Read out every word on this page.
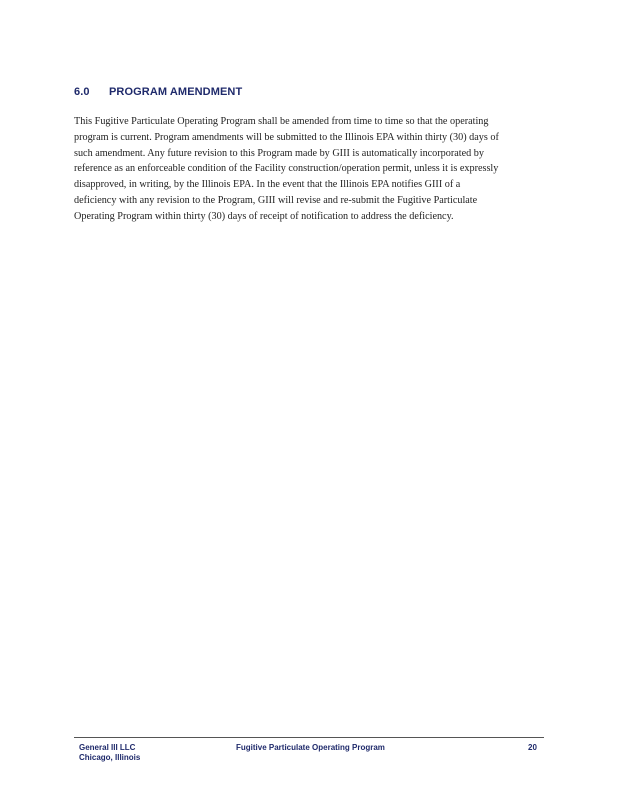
6.0 PROGRAM AMENDMENT

This Fugitive Particulate Operating Program shall be amended from time to time so that the operating
program is current. Program amendments will be submitted to the Illinois EPA within thirty (30) days of
such amendment. Any future revision to this Program made by GIII is automatically incorporated by
reference as an enforceable condition of the Facility construction/operation permit, unless it is expressly
disapproved, in writing, by the Illinois EPA. In the event that the Illinois EPA notifies GIII of a
deficiency with any revision to the Program, GIII will revise and re-submit the Fugitive Particulate
Operating Program within thirty (30) days of receipt of notification to address the deficiency.

General III LLC
Chicago, Illinois
Fugitive Particulate Operating Program	20
